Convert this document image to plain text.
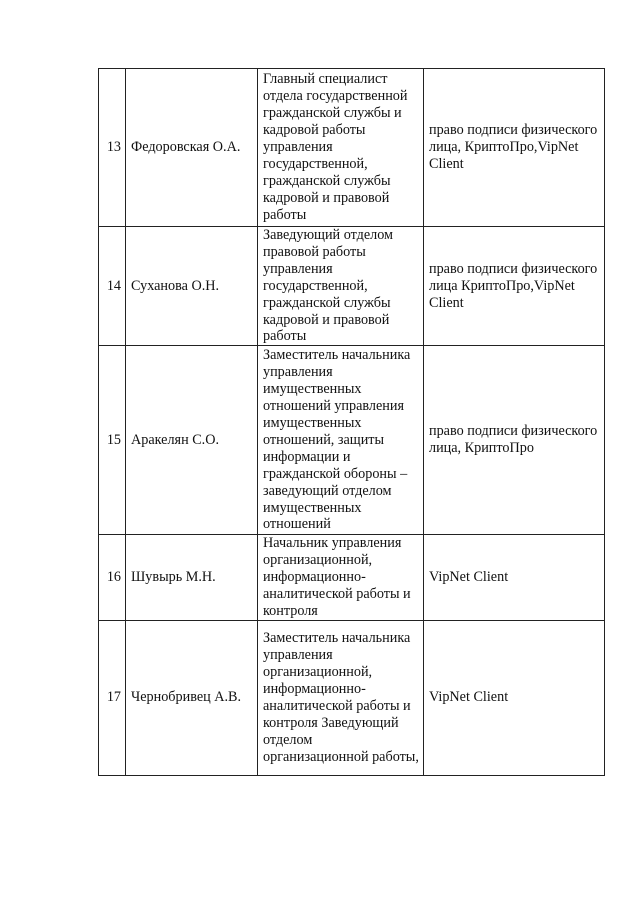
13	Федоровская О.А.	Главный специалист отдела государственной гражданской службы и кадровой работы управления государственной, гражданской службы кадровой и правовой работы	право подписи физического лица, КриптоПро,VipNet Client
14	Суханова О.Н.	Заведующий отделом правовой работы управления государственной, гражданской службы кадровой и правовой работы	право подписи физического лица КриптоПро,VipNet Client
15	Аракелян С.О.	Заместитель начальника управления имущественных отношений управления имущественных отношений, защиты информации и гражданской обороны – заведующий отделом имущественных отношений	право подписи физического лица, КриптоПро
16	Шувырь М.Н.	Начальник управления организационной, информационно-аналитической работы и контроля	VipNet Client
17	Чернобривец А.В.	Заместитель начальника управления организационной, информационно-аналитической работы и контроля Заведующий отделом организационной работы,	VipNet Client
